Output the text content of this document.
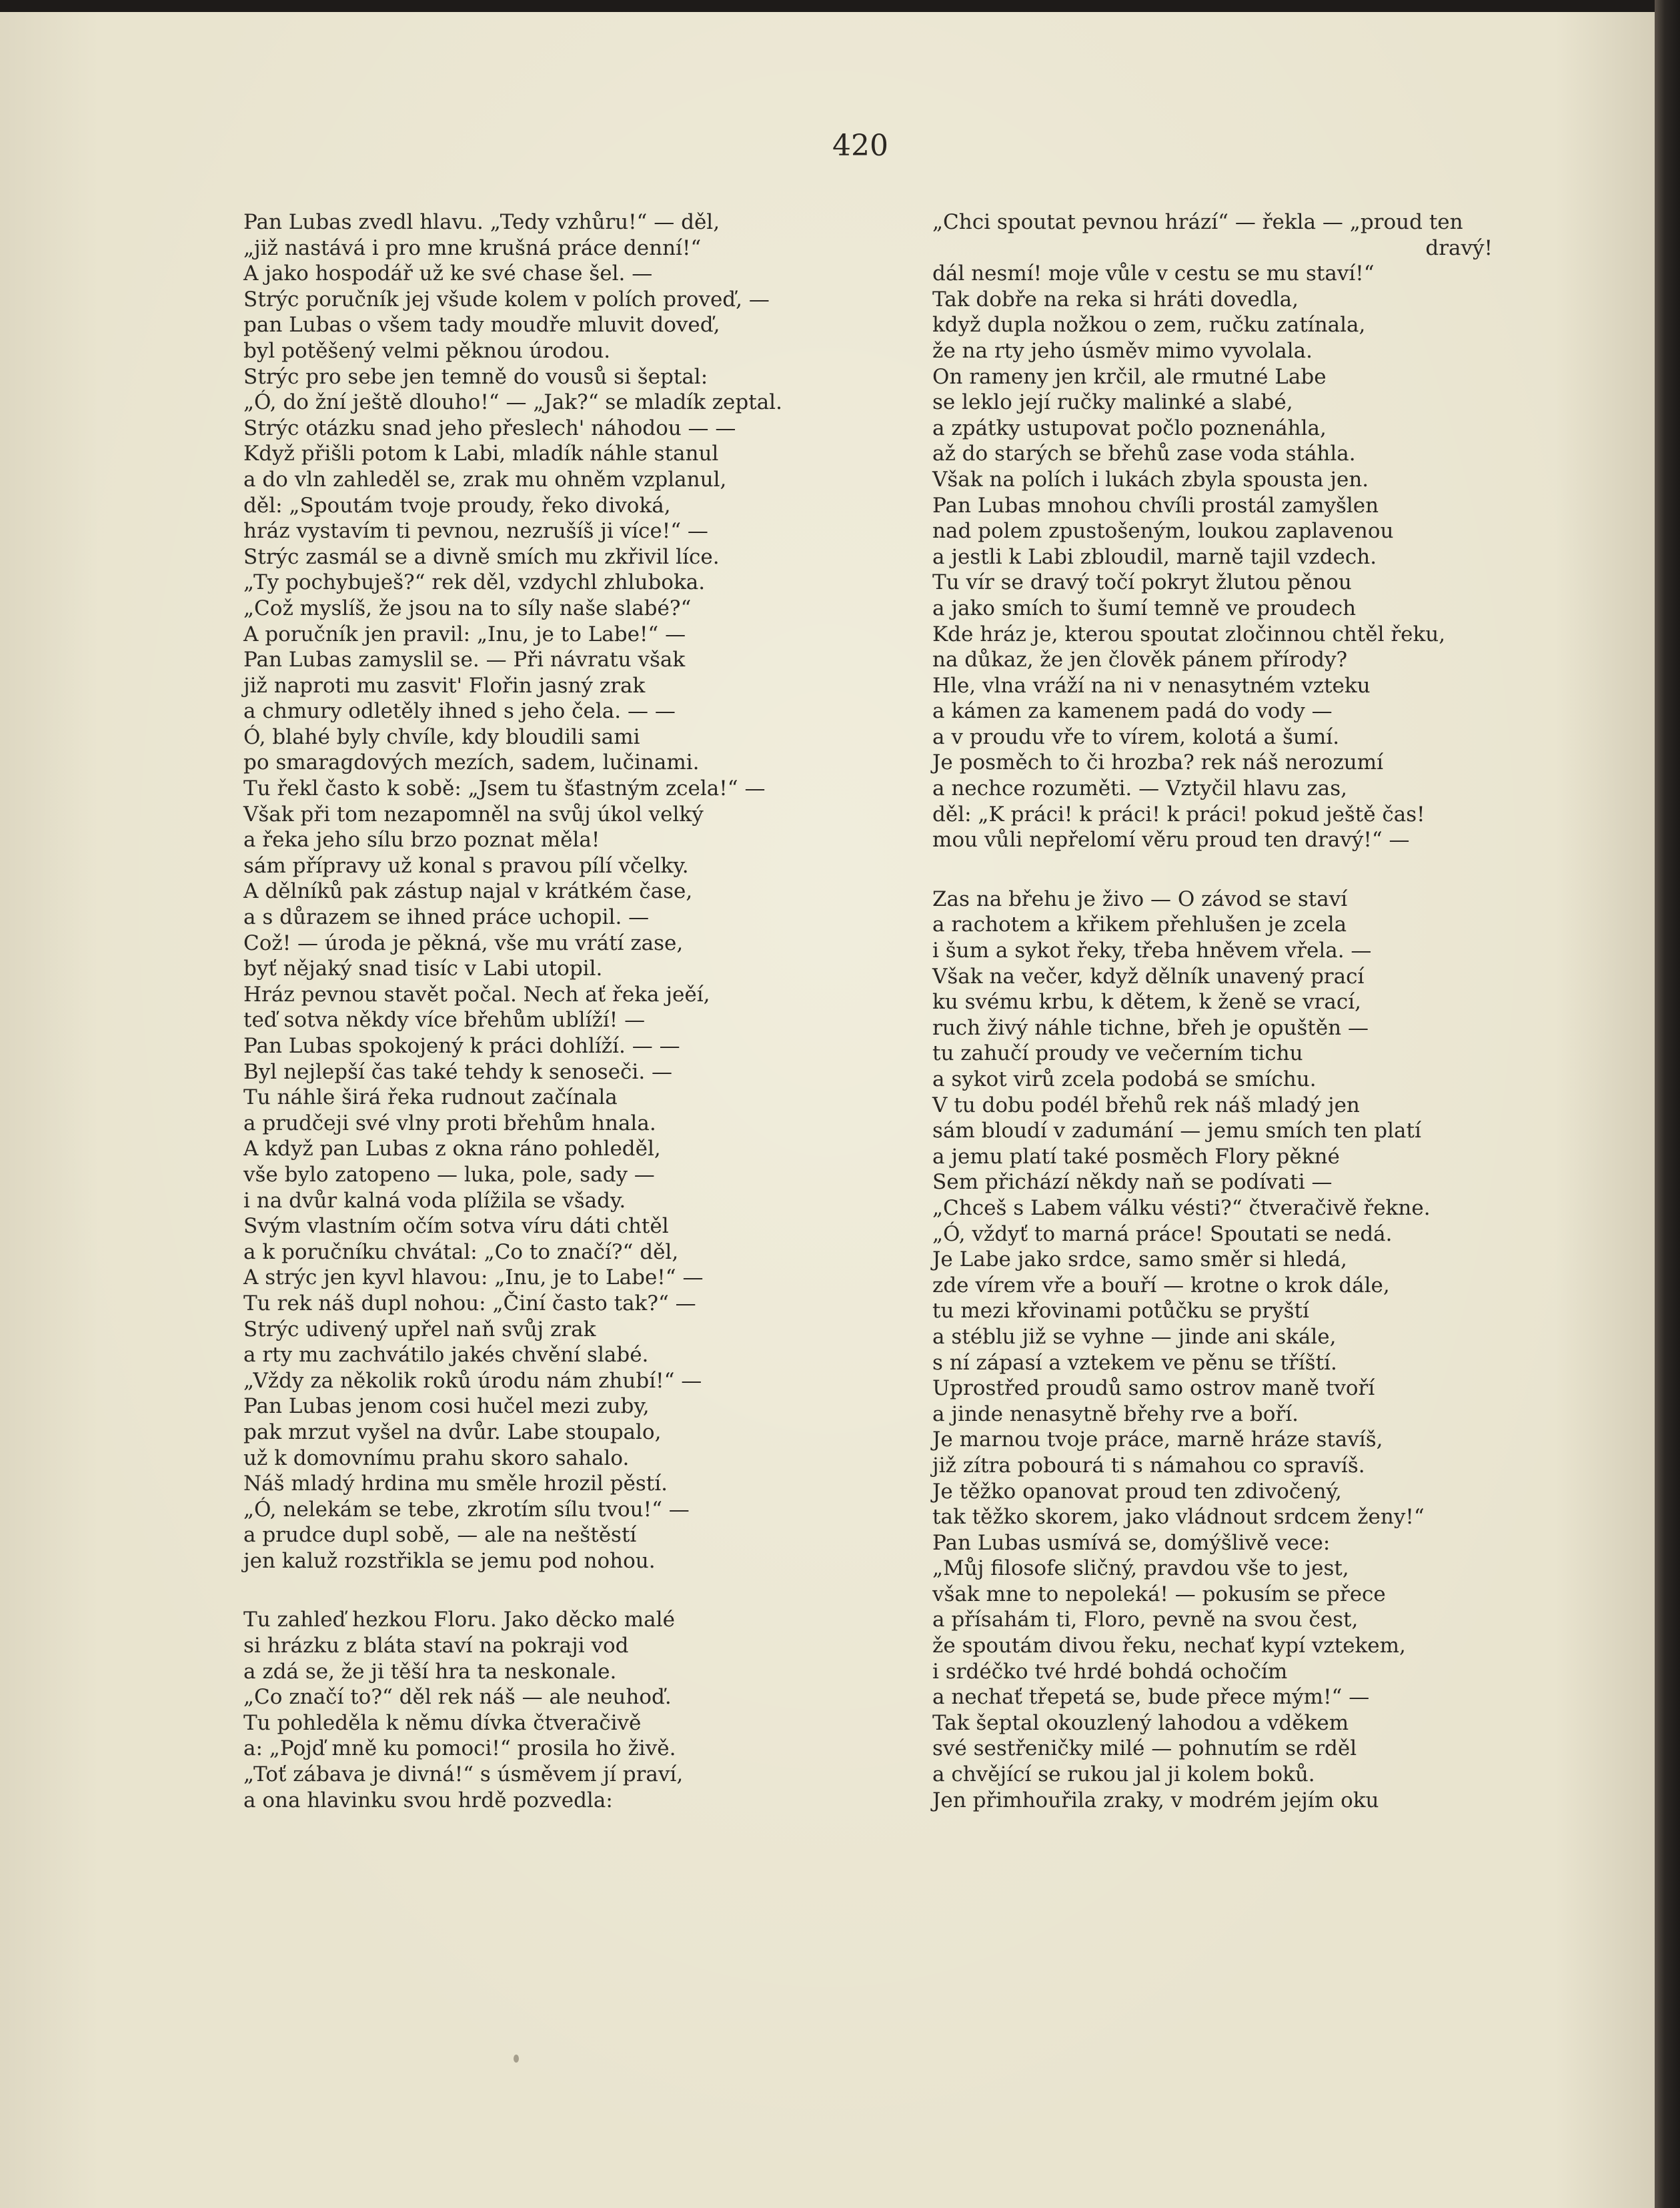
420
Pan Lubas zvedl hlavu. „Tedy vzhůru!“ — děl,
„již nastává i pro mne krušná práce denní!“
A jako hospodář už ke své chase šel. —
Strýc poručník jej všude kolem v polích proveď, —
pan Lubas o všem tady moudře mluvit doveď,
byl potěšený velmi pěknou úrodou.
Strýc pro sebe jen temně do vousů si šeptal:
„Ó, do žní ještě dlouho!“ — „Jak?“ se mladík zeptal.
Strýc otázku snad jeho přeslech' náhodou — —
Když přišli potom k Labi, mladík náhle stanul
a do vln zahleděl se, zrak mu ohněm vzplanul,
děl: „Spoutám tvoje proudy, řeko divoká,
hráz vystavím ti pevnou, nezrušíš ji více!“ —
Strýc zasmál se a divně smích mu zkřivil líce.
„Ty pochybuješ?“ rek děl, vzdychl zhluboka.
„Což myslíš, že jsou na to síly naše slabé?“
A poručník jen pravil: „Inu, je to Labe!“ —
Pan Lubas zamyslil se. — Při návratu však
již naproti mu zasvit' Flořin jasný zrak
a chmury odletěly ihned s jeho čela. — —
Ó, blahé byly chvíle, kdy bloudili sami
po smaragdových mezích, sadem, lučinami.
Tu řekl často k sobě: „Jsem tu šťastným zcela!“ —
Však při tom nezapomněl na svůj úkol velký
a řeka jeho sílu brzo poznat měla!
sám přípravy už konal s pravou pílí včelky.
A dělníků pak zástup najal v krátkém čase,
a s důrazem se ihned práce uchopil. —
Což! — úroda je pěkná, vše mu vrátí zase,
byť nějaký snad tisíc v Labi utopil.
Hráz pevnou stavět počal. Nech ať řeka jeěí,
teď sotva někdy více břehům ublíží! —
Pan Lubas spokojený k práci dohlíží. — —
Byl nejlepší čas také tehdy k senoseči. —
Tu náhle širá řeka rudnout začínala
a prudčeji své vlny proti břehům hnala.
A když pan Lubas z okna ráno pohleděl,
vše bylo zatopeno — luka, pole, sady —
i na dvůr kalná voda plížila se všady.
Svým vlastním očím sotva víru dáti chtěl
a k poručníku chvátal: „Co to značí?“ děl,
A strýc jen kyvl hlavou: „Inu, je to Labe!“ —
Tu rek náš dupl nohou: „Činí často tak?“ —
Strýc udivený upřel naň svůj zrak
a rty mu zachvátilo jakés chvění slabé.
„Vždy za několik roků úrodu nám zhubí!“ —
Pan Lubas jenom cosi hučel mezi zuby,
pak mrzut vyšel na dvůr. Labe stoupalo,
už k domovnímu prahu skoro sahalo.
Náš mladý hrdina mu směle hrozil pěstí.
„Ó, nelekám se tebe, zkrotím sílu tvou!“ —
a prudce dupl sobě, — ale na neštěstí
jen kaluž rozstřikla se jemu pod nohou.
Tu zahleď hezkou Floru. Jako děcko malé
si hrázku z bláta staví na pokraji vod
a zdá se, že ji těší hra ta neskonale.
„Co značí to?“ děl rek náš — ale neuhoď.
Tu pohleděla k němu dívka čtveračivě
a: „Pojď mně ku pomoci!“ prosila ho živě.
„Toť zábava je divná!“ s úsměvem jí praví,
a ona hlavinku svou hrdě pozvedla:
„Chci spoutat pevnou hrází“ — řekla — „proud ten
dravý!
dál nesmí! moje vůle v cestu se mu staví!“
Tak dobře na reka si hráti dovedla,
když dupla nožkou o zem, ručku zatínala,
že na rty jeho úsměv mimo vyvolala.
On rameny jen krčil, ale rmutné Labe
se leklo její ručky malinké a slabé,
a zpátky ustupovat počlo poznenáhla,
až do starých se břehů zase voda stáhla.
Však na polích i lukách zbyla spousta jen.
Pan Lubas mnohou chvíli prostál zamyšlen
nad polem zpustošeným, loukou zaplavenou
a jestli k Labi zbloudil, marně tajil vzdech.
Tu vír se dravý točí pokryt žlutou pěnou
a jako smích to šumí temně ve proudech
Kde hráz je, kterou spoutat zločinnou chtěl řeku,
na důkaz, že jen člověk pánem přírody?
Hle, vlna vráží na ni v nenasytném vzteku
a kámen za kamenem padá do vody —
a v proudu vře to vírem, kolotá a šumí.
Je posměch to či hrozba? rek náš nerozumí
a nechce rozuměti. — Vztyčil hlavu zas,
děl: „K práci! k práci! k práci! pokud ještě čas!
mou vůli nepřelomí věru proud ten dravý!“ —
Zas na břehu je živo — O závod se staví
a rachotem a křikem přehlušen je zcela
i šum a sykot řeky, třeba hněvem vřela. —
Však na večer, když dělník unavený prací
ku svému krbu, k dětem, k ženě se vrací,
ruch živý náhle tichne, břeh je opuštěn —
tu zahučí proudy ve večerním tichu
a sykot virů zcela podobá se smíchu.
V tu dobu podél břehů rek náš mladý jen
sám bloudí v zadumání — jemu smích ten platí
a jemu platí také posměch Flory pěkné
Sem přichází někdy naň se podívati —
„Chceš s Labem válku vésti?“ čtveračivě řekne.
„Ó, vždyť to marná práce! Spoutati se nedá.
Je Labe jako srdce, samo směr si hledá,
zde vírem vře a bouří — krotne o krok dále,
tu mezi křovinami potůčku se pryští
a stéblu již se vyhne — jinde ani skále,
s ní zápasí a vztekem ve pěnu se tříští.
Uprostřed proudů samo ostrov maně tvoří
a jinde nenasytně břehy rve a boří.
Je marnou tvoje práce, marně hráze stavíš,
již zítra pobourá ti s námahou co spravíš.
Je těžko opanovat proud ten zdivočený,
tak těžko skorem, jako vládnout srdcem ženy!“
Pan Lubas usmívá se, domýšlivě vece:
„Můj filosofe sličný, pravdou vše to jest,
však mne to nepoleká! — pokusím se přece
a přísahám ti, Floro, pevně na svou čest,
že spoutám divou řeku, nechať kypí vztekem,
i srdéčko tvé hrdé bohdá ochočím
a nechať třepetá se, bude přece mým!“ —
Tak šeptal okouzlený lahodou a vděkem
své sestřeničky milé — pohnutím se rděl
a chvějící se rukou jal ji kolem boků.
Jen přimhouřila zraky, v modrém jejím oku
